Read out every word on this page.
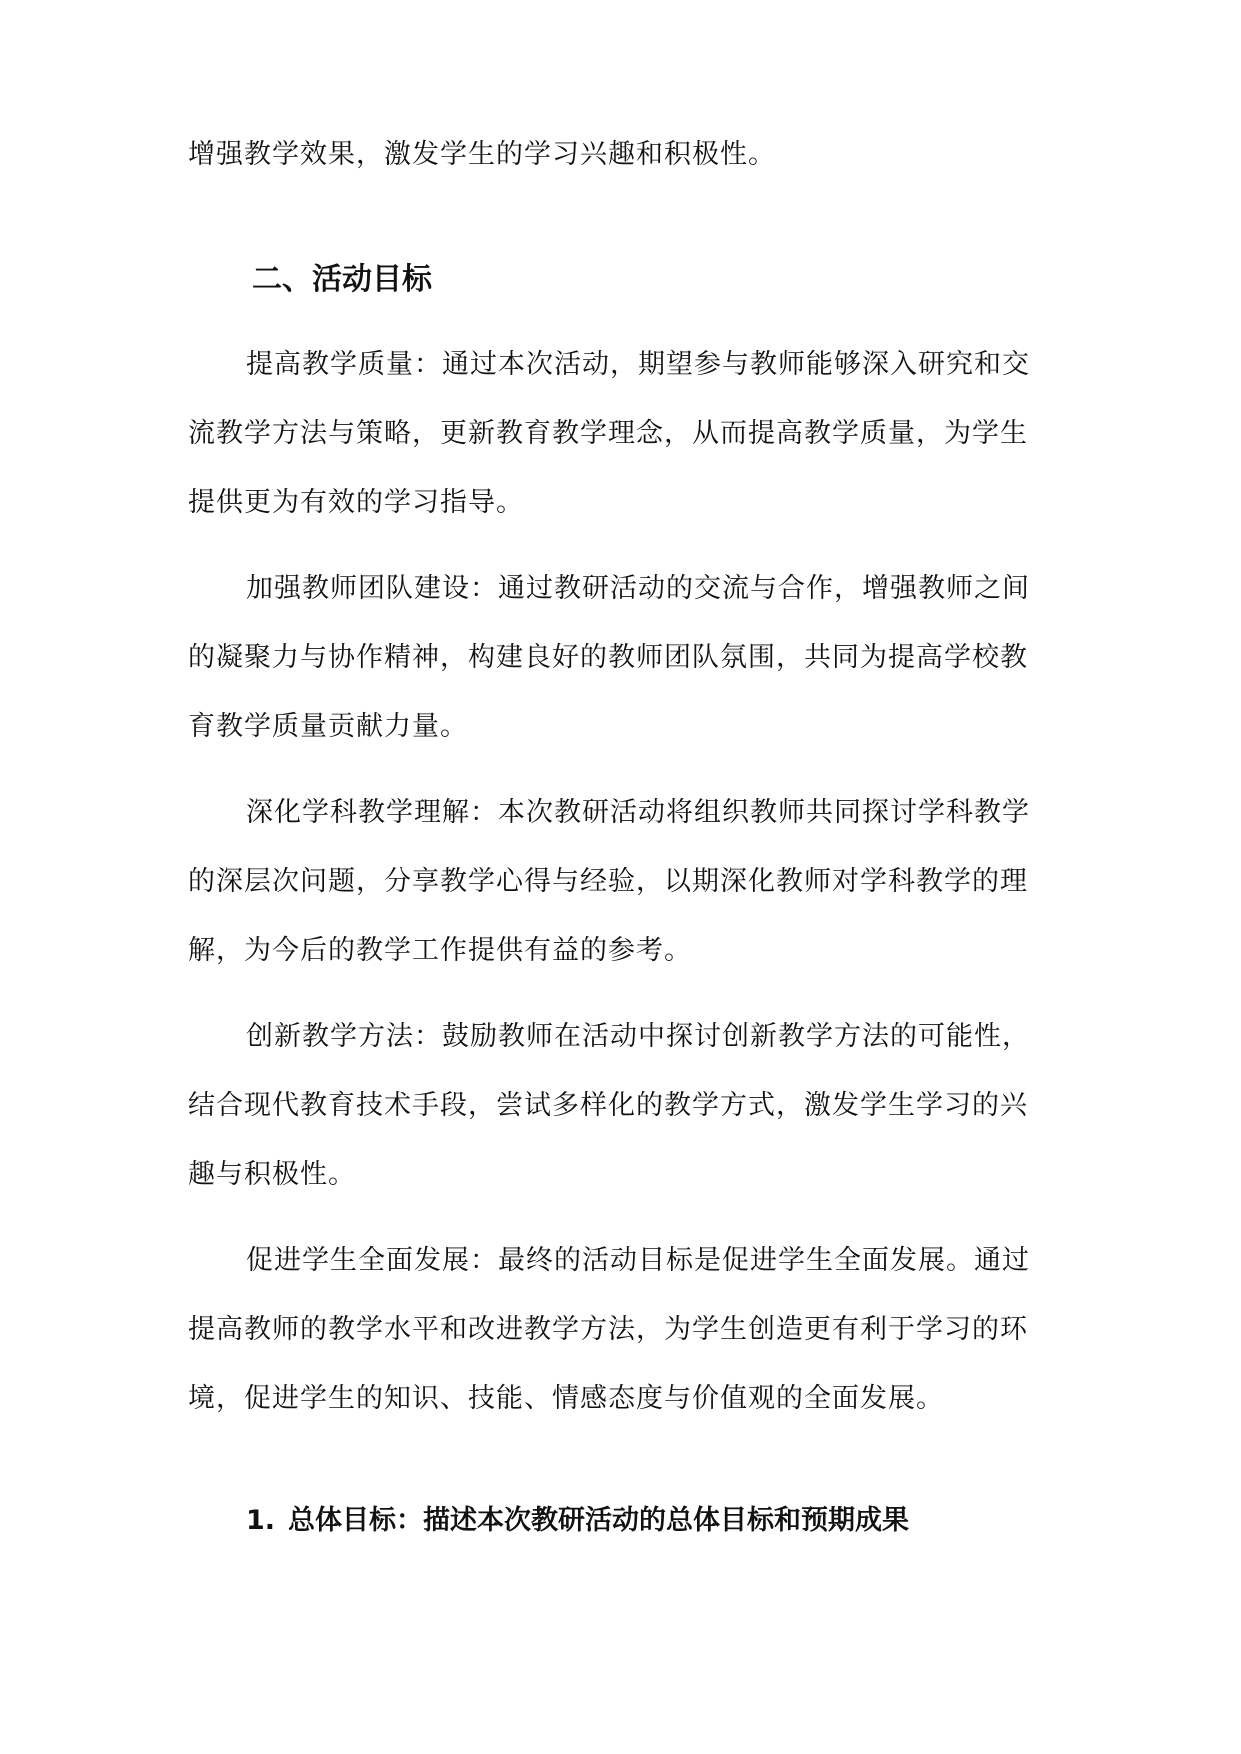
增强教学效果，激发学生的学习兴趣和积极性。
二、活动目标
提高教学质量：通过本次活动，期望参与教师能够深入研究和交
流教学方法与策略，更新教育教学理念，从而提高教学质量，为学生
提供更为有效的学习指导。
加强教师团队建设：通过教研活动的交流与合作，增强教师之间
的凝聚力与协作精神，构建良好的教师团队氛围，共同为提高学校教
育教学质量贡献力量。
深化学科教学理解：本次教研活动将组织教师共同探讨学科教学
的深层次问题，分享教学心得与经验，以期深化教师对学科教学的理
解，为今后的教学工作提供有益的参考。
创新教学方法：鼓励教师在活动中探讨创新教学方法的可能性，
结合现代教育技术手段，尝试多样化的教学方式，激发学生学习的兴
趣与积极性。
促进学生全面发展：最终的活动目标是促进学生全面发展。通过
提高教师的教学水平和改进教学方法，为学生创造更有利于学习的环
境，促进学生的知识、技能、情感态度与价值观的全面发展。
1. 总体目标：描述本次教研活动的总体目标和预期成果
